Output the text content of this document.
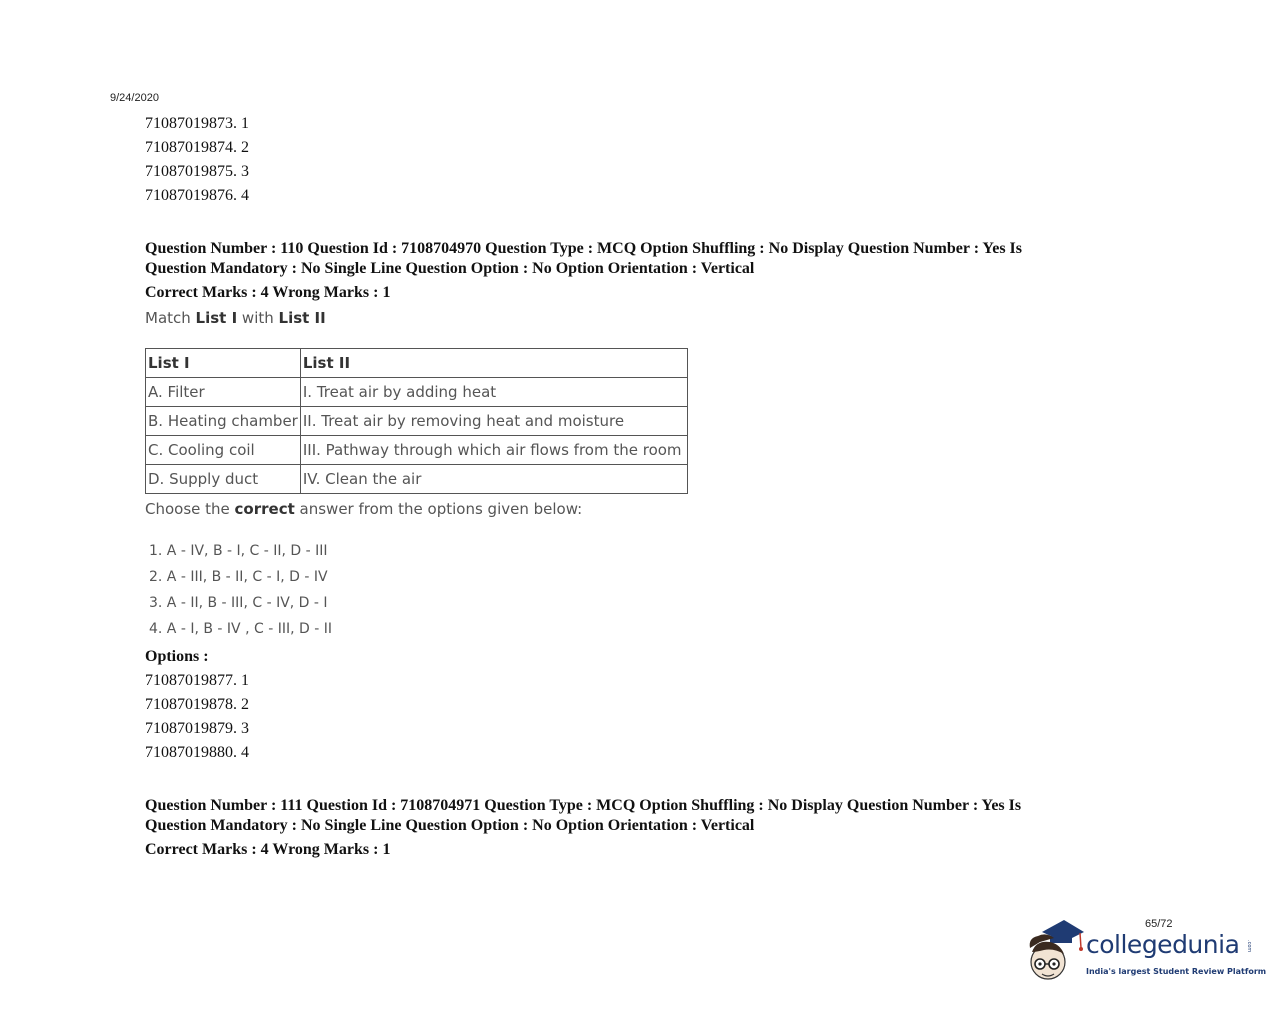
9/24/2020
71087019873. 1
71087019874. 2
71087019875. 3
71087019876. 4
Question Number : 110 Question Id : 7108704970 Question Type : MCQ Option Shuffling : No Display Question Number : Yes Is
Question Mandatory : No Single Line Question Option : No Option Orientation : Vertical
Correct Marks : 4 Wrong Marks : 1
Match List I with List II
List I	List II
A. Filter	I. Treat air by adding heat
B. Heating chamber	II. Treat air by removing heat and moisture
C. Cooling coil	III. Pathway through which air flows from the room
D. Supply duct	IV. Clean the air
Choose the correct answer from the options given below:
1. A - IV, B - I, C - II, D - III
2. A - III, B - II, C - I, D - IV
3. A - II, B - III, C - IV, D - I
4. A - I, B - IV , C - III, D - II
Options :
71087019877. 1
71087019878. 2
71087019879. 3
71087019880. 4
Question Number : 111 Question Id : 7108704971 Question Type : MCQ Option Shuffling : No Display Question Number : Yes Is
Question Mandatory : No Single Line Question Option : No Option Orientation : Vertical
Correct Marks : 4 Wrong Marks : 1
65/72
collegedunia .com
India's largest Student Review Platform
